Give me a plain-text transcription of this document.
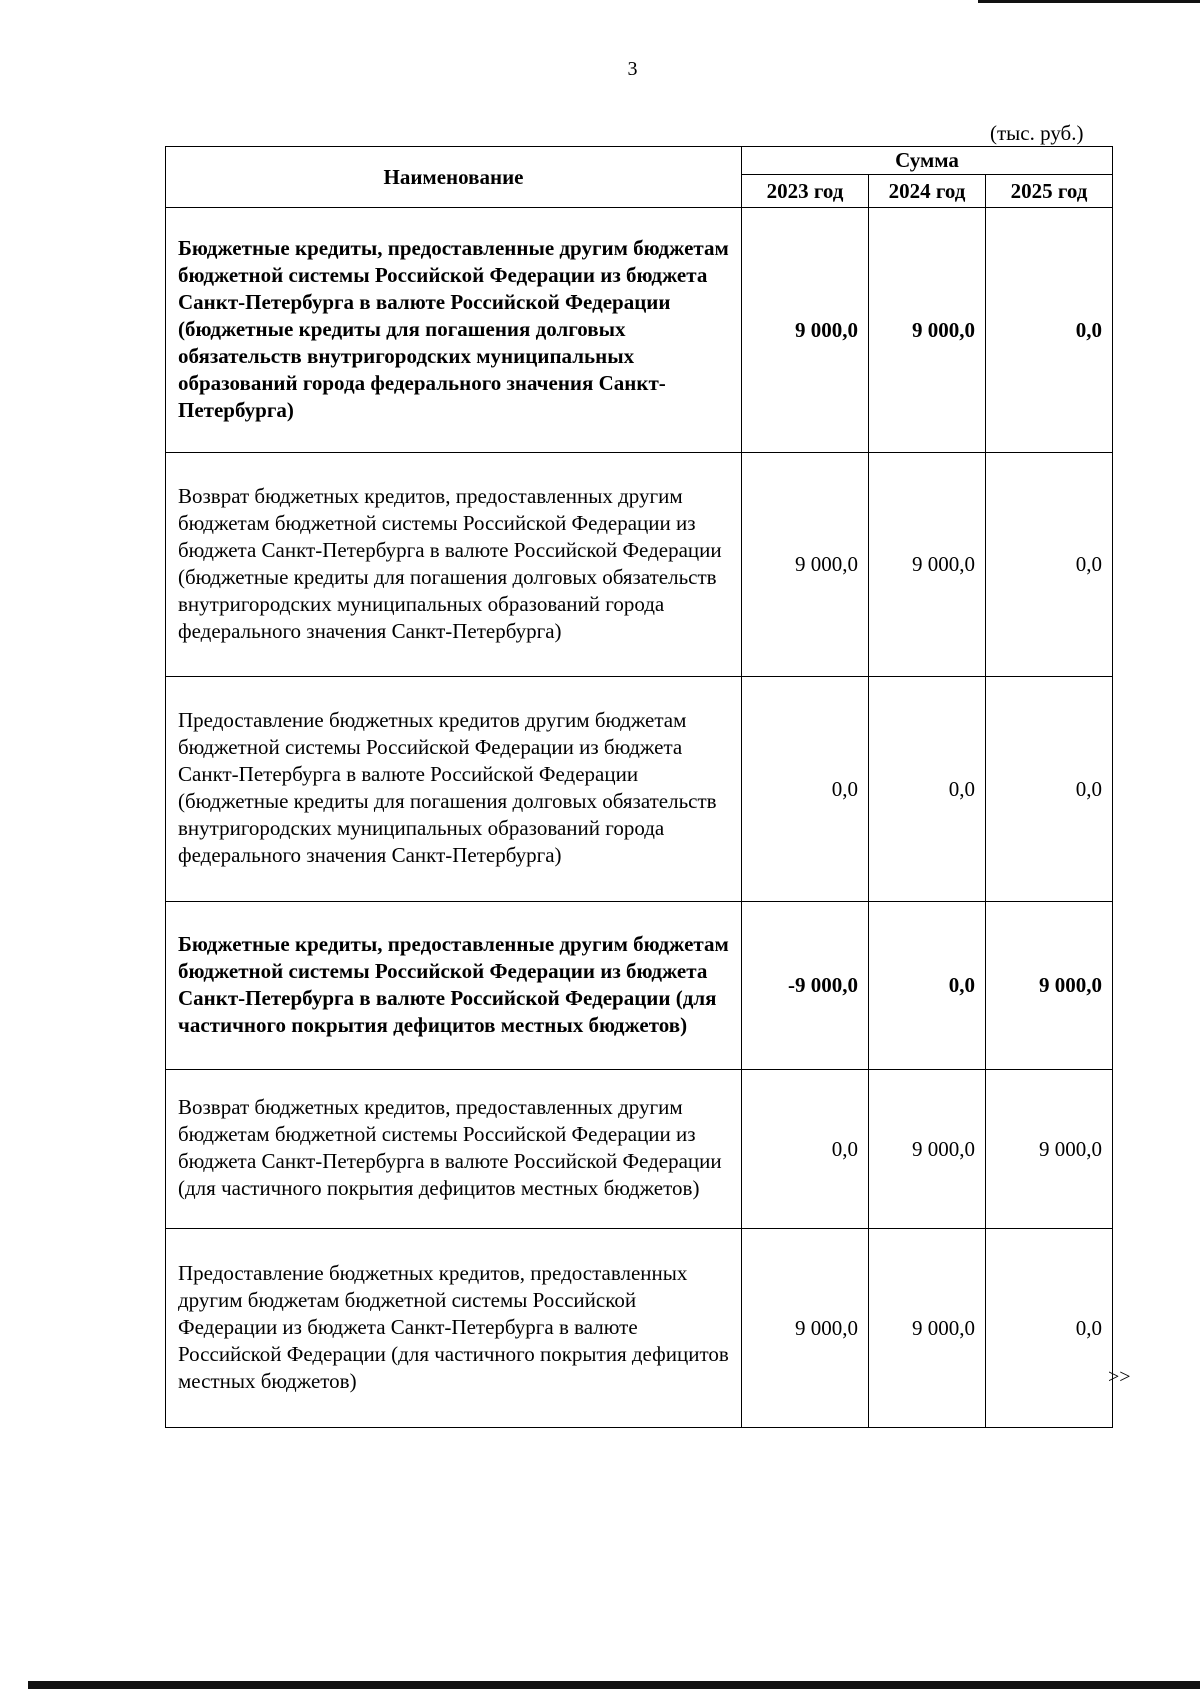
3
(тыс. руб.)
Наименование	Сумма		
	2023 год	2024 год	2025 год
Бюджетные кредиты, предоставленные другим бюджетам бюджетной системы Российской Федерации из бюджета Санкт-Петербурга в валюте Российской Федерации (бюджетные кредиты для погашения долговых обязательств внутригородских муниципальных образований города федерального значения Санкт-Петербурга)	9 000,0	9 000,0	0,0
Возврат бюджетных кредитов, предоставленных другим бюджетам бюджетной системы Российской Федерации из бюджета Санкт-Петербурга в валюте Российской Федерации (бюджетные кредиты для погашения долговых обязательств внутригородских муниципальных образований города федерального значения Санкт-Петербурга)	9 000,0	9 000,0	0,0
Предоставление бюджетных кредитов другим бюджетам бюджетной системы Российской Федерации из бюджета Санкт-Петербурга в валюте Российской Федерации (бюджетные кредиты для погашения долговых обязательств внутригородских муниципальных образований города федерального значения Санкт-Петербурга)	0,0	0,0	0,0
Бюджетные кредиты, предоставленные другим бюджетам бюджетной системы Российской Федерации из бюджета Санкт-Петербурга в валюте Российской Федерации (для частичного покрытия дефицитов местных бюджетов)	-9 000,0	0,0	9 000,0
Возврат бюджетных кредитов, предоставленных другим бюджетам бюджетной системы Российской Федерации из бюджета Санкт-Петербурга в валюте Российской Федерации (для частичного покрытия дефицитов местных бюджетов)	0,0	9 000,0	9 000,0
Предоставление бюджетных кредитов, предоставленных другим бюджетам бюджетной системы Российской Федерации из бюджета Санкт-Петербурга в валюте Российской Федерации (для частичного покрытия дефицитов местных бюджетов)	9 000,0	9 000,0	0,0
>>
